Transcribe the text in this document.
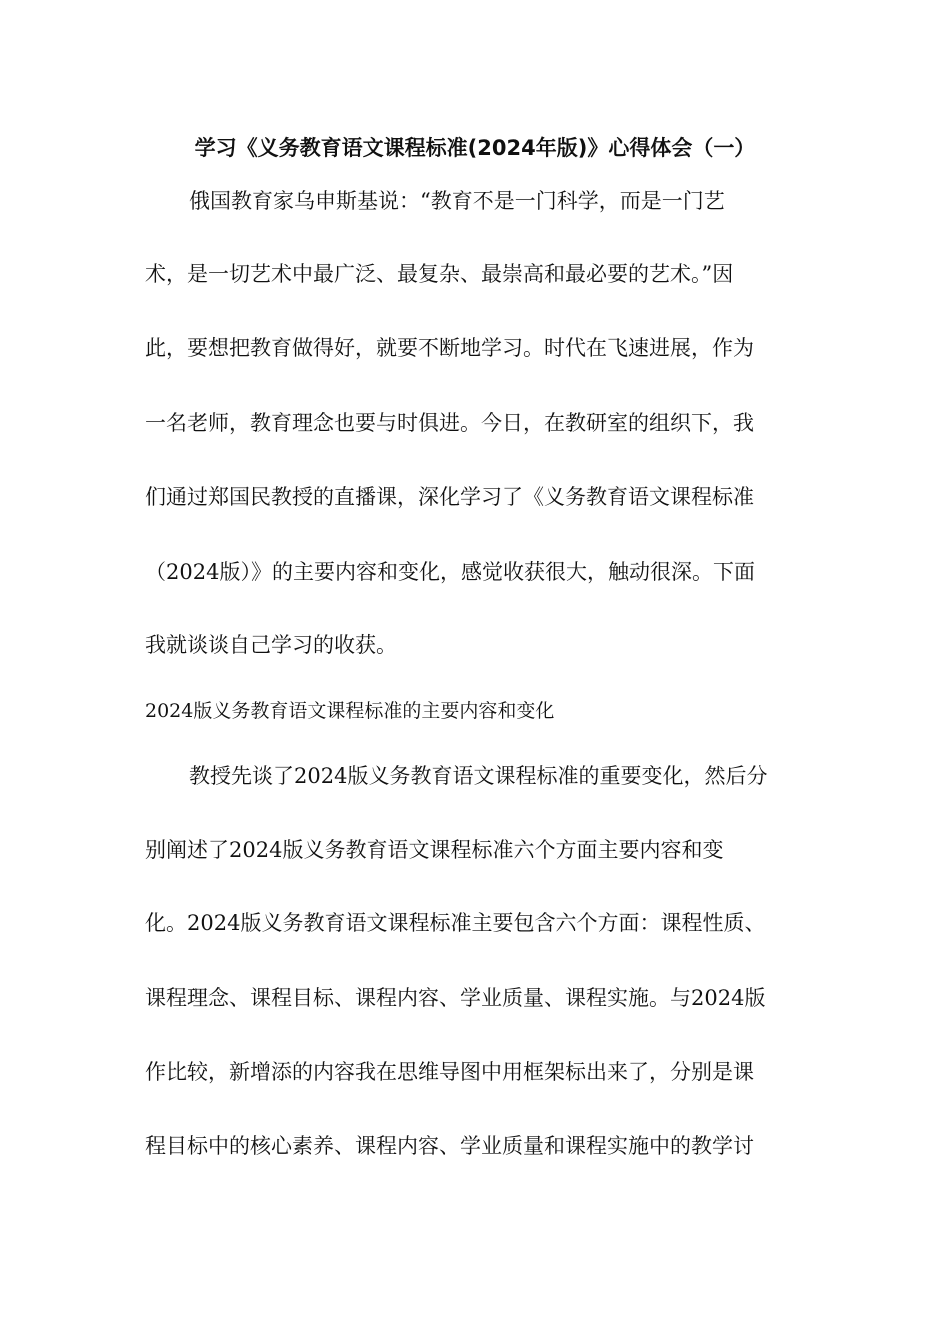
学习《义务教育语文课程标准(2024年版)》心得体会（一）
俄国教育家乌申斯基说：“教育不是一门科学，而是一门艺
术，是一切艺术中最广泛、最复杂、最崇高和最必要的艺术。”因
此，要想把教育做得好，就要不断地学习。时代在飞速进展，作为
一名老师，教育理念也要与时俱进。今日，在教研室的组织下，我
们通过郑国民教授的直播课，深化学习了《义务教育语文课程标准
（2024版）》的主要内容和变化，感觉收获很大，触动很深。下面
我就谈谈自己学习的收获。
2024版义务教育语文课程标准的主要内容和变化
教授先谈了2024版义务教育语文课程标准的重要变化，然后分
别阐述了2024版义务教育语文课程标准六个方面主要内容和变
化。2024版义务教育语文课程标准主要包含六个方面：课程性质、
课程理念、课程目标、课程内容、学业质量、课程实施。与2024版
作比较，新增添的内容我在思维导图中用框架标出来了，分别是课
程目标中的核心素养、课程内容、学业质量和课程实施中的教学讨
